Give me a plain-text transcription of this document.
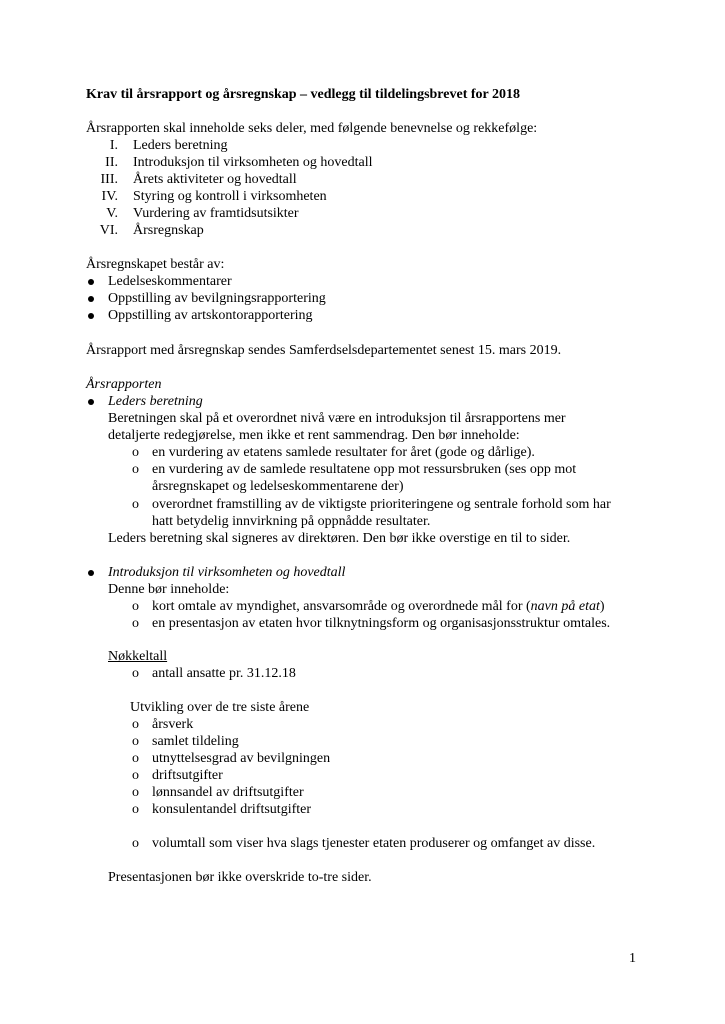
Krav til årsrapport og årsregnskap – vedlegg til tildelingsbrevet for 2018
Årsrapporten skal inneholde seks deler, med følgende benevnelse og rekkefølge:
I. Leders beretning
II. Introduksjon til virksomheten og hovedtall
III. Årets aktiviteter og hovedtall
IV. Styring og kontroll i virksomheten
V. Vurdering av framtidsutsikter
VI. Årsregnskap
Årsregnskapet består av:
Ledelseskommentarer
Oppstilling av bevilgningsrapportering
Oppstilling av artskontorapportering
Årsrapport med årsregnskap sendes Samferdselsdepartementet senest 15. mars 2019.
Årsrapporten
Leders beretning
Beretningen skal på et overordnet nivå være en introduksjon til årsrapportens mer
detaljerte redegjørelse, men ikke et rent sammendrag. Den bør inneholde:
o en vurdering av etatens samlede resultater for året (gode og dårlige).
o en vurdering av de samlede resultatene opp mot ressursbruken (ses opp mot
årsregnskapet og ledelseskommentarene der)
o overordnet framstilling av de viktigste prioriteringene og sentrale forhold som har
hatt betydelig innvirkning på oppnådde resultater.
Leders beretning skal signeres av direktøren. Den bør ikke overstige en til to sider.
Introduksjon til virksomheten og hovedtall
Denne bør inneholde:
o kort omtale av myndighet, ansvarsområde og overordnede mål for (navn på etat)
o en presentasjon av etaten hvor tilknytningsform og organisasjonsstruktur omtales.
Nøkkeltall
o antall ansatte pr. 31.12.18
Utvikling over de tre siste årene
o årsverk
o samlet tildeling
o utnyttelsesgrad av bevilgningen
o driftsutgifter
o lønnsandel av driftsutgifter
o konsulentandel driftsutgifter
o volumtall som viser hva slags tjenester etaten produserer og omfanget av disse.
Presentasjonen bør ikke overskride to-tre sider.
1
